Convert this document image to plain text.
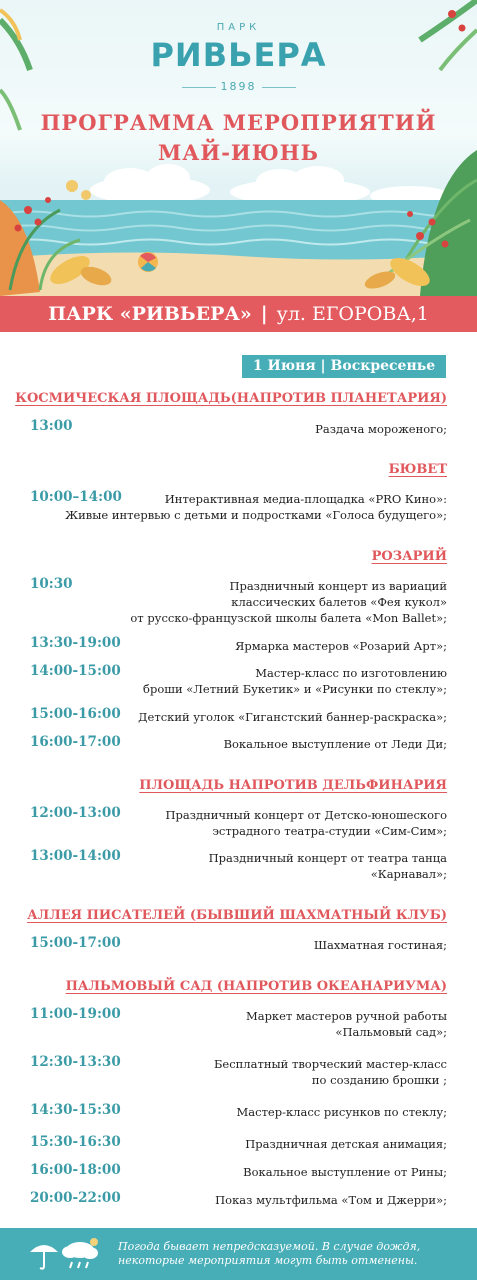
ПАРК
РИВЬЕРА
1898
ПРОГРАММА МЕРОПРИЯТИЙ
МАЙ-ИЮНЬ
ПАРК «РИВЬЕРА» | ул. ЕГОРОВА,1
1 Июня | Воскресенье
КОСМИЧЕСКАЯ ПЛОЩАДЬ(НАПРОТИВ ПЛАНЕТАРИЯ)
13:00	Раздача мороженого;
БЮВЕТ
10:00–14:00	Интерактивная медиа-площадка «PRO Кино»:
Живые интервью с детьми и подростками «Голоса будущего»;
РОЗАРИЙ
10:30	Праздничный концерт из вариаций
классических балетов «Фея кукол»
от русско-французской школы балета «Mon Ballet»;
13:30-19:00	Ярмарка мастеров «Розарий Арт»;
14:00-15:00	Мастер-класс по изготовлению
броши «Летний Букетик» и «Рисунки по стеклу»;
15:00-16:00 Детский уголок «Гиганстский баннер-раскраска»;
16:00-17:00	Вокальное выступление от Леди Ди;
ПЛОЩАДЬ НАПРОТИВ ДЕЛЬФИНАРИЯ
12:00-13:00	Праздничный концерт от Детско-юношеского
эстрадного театра-студии «Сим-Сим»;
13:00-14:00	Праздничный концерт от театра танца
«Карнавал»;
АЛЛЕЯ ПИСАТЕЛЕЙ (БЫВШИЙ ШАХМАТНЫЙ КЛУБ)
15:00-17:00	Шахматная гостиная;
ПАЛЬМОВЫЙ САД (НАПРОТИВ ОКЕАНАРИУМА)
11:00-19:00	Маркет мастеров ручной работы
«Пальмовый сад»;
12:30-13:30	Бесплатный творческий мастер-класс
по созданию брошки ;
14:30-15:30	Мастер-класс рисунков по стеклу;
15:30-16:30	Праздничная детская анимация;
16:00-18:00	Вокальное выступление от Рины;
20:00-22:00	Показ мультфильма «Том и Джерри»;
Погода бывает непредсказуемой. В случае дождя,
некоторые мероприятия могут быть отменены.
